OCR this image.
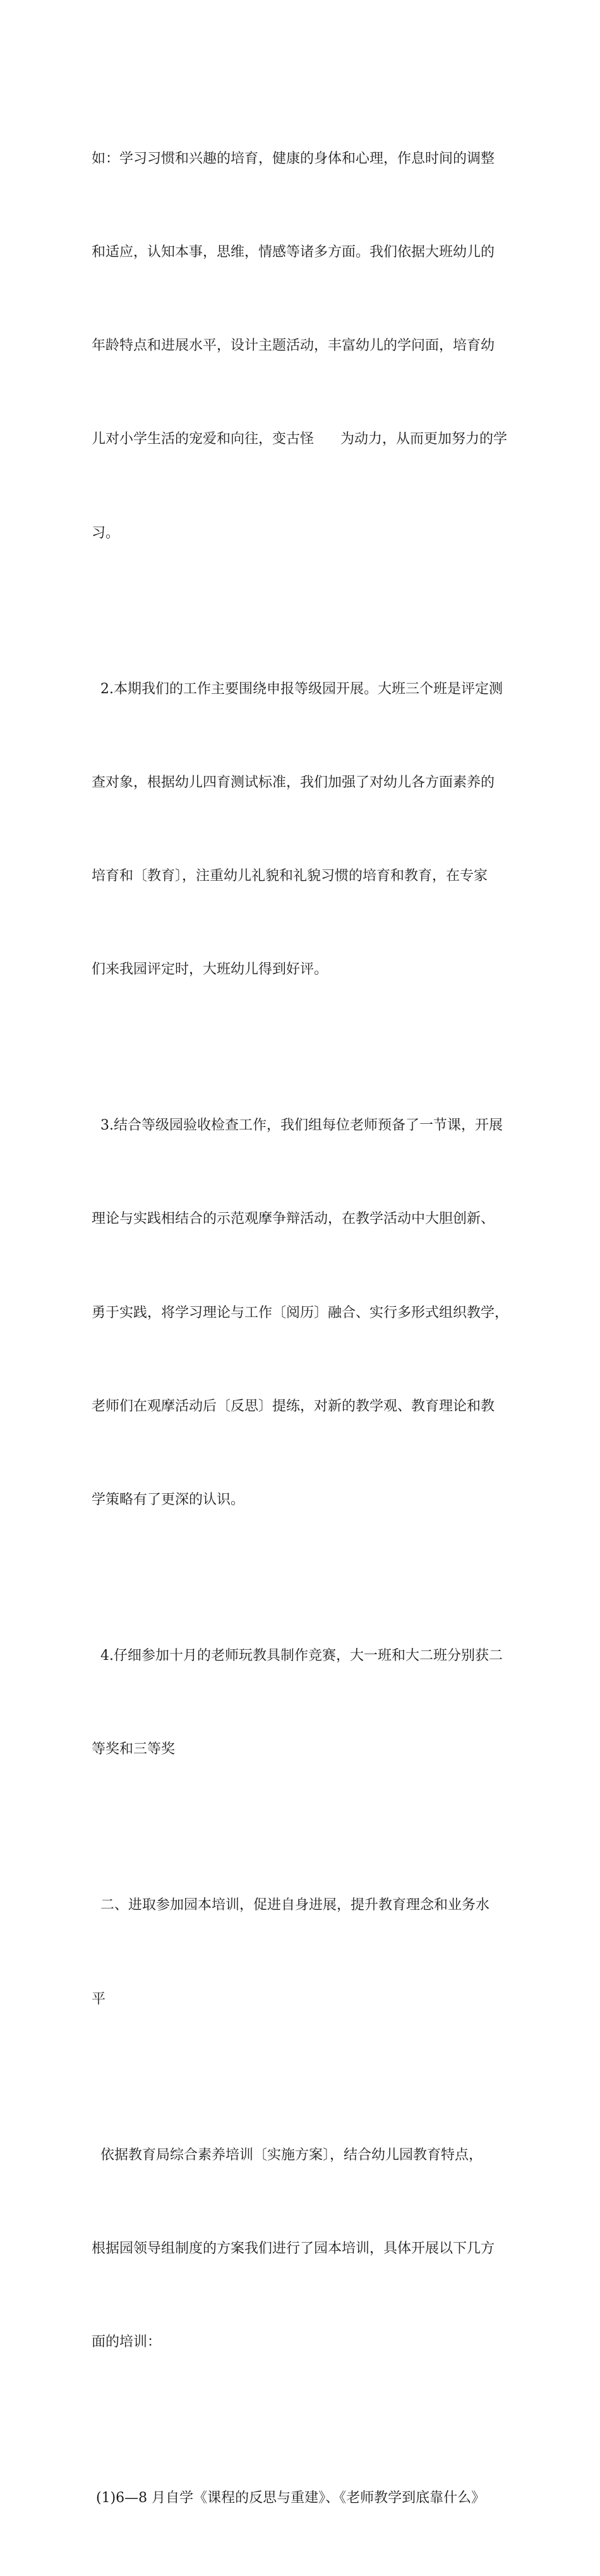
如：学习习惯和兴趣的培育，健康的身体和心理，作息时间的调整

和适应，认知本事，思维，情感等诸多方面。我们依据大班幼儿的

年龄特点和进展水平，设计主题活动，丰富幼儿的学问面，培育幼

儿对小学生活的宠爱和向往，变古怪      为动力，从而更加努力的学

习。

2.本期我们的工作主要围绕申报等级园开展。大班三个班是评定测

查对象，根据幼儿四育测试标准，我们加强了对幼儿各方面素养的

培育和〔教育〕，注重幼儿礼貌和礼貌习惯的培育和教育，在专家

们来我园评定时，大班幼儿得到好评。

3.结合等级园验收检查工作，我们组每位老师预备了一节课，开展

理论与实践相结合的示范观摩争辩活动，在教学活动中大胆创新、

勇于实践，将学习理论与工作〔阅历〕融合、实行多形式组织教学，

老师们在观摩活动后〔反思〕提练，对新的教学观、教育理论和教

学策略有了更深的认识。

4.仔细参加十月的老师玩教具制作竞赛，大一班和大二班分别获二

等奖和三等奖

二、进取参加园本培训，促进自身进展，提升教育理念和业务水

平

依据教育局综合素养培训〔实施方案〕，结合幼儿园教育特点，

根据园领导组制度的方案我们进行了园本培训，具体开展以下几方

面的培训：

(1)6—8 月自学《课程的反思与重建》、《老师教学到底靠什么》
